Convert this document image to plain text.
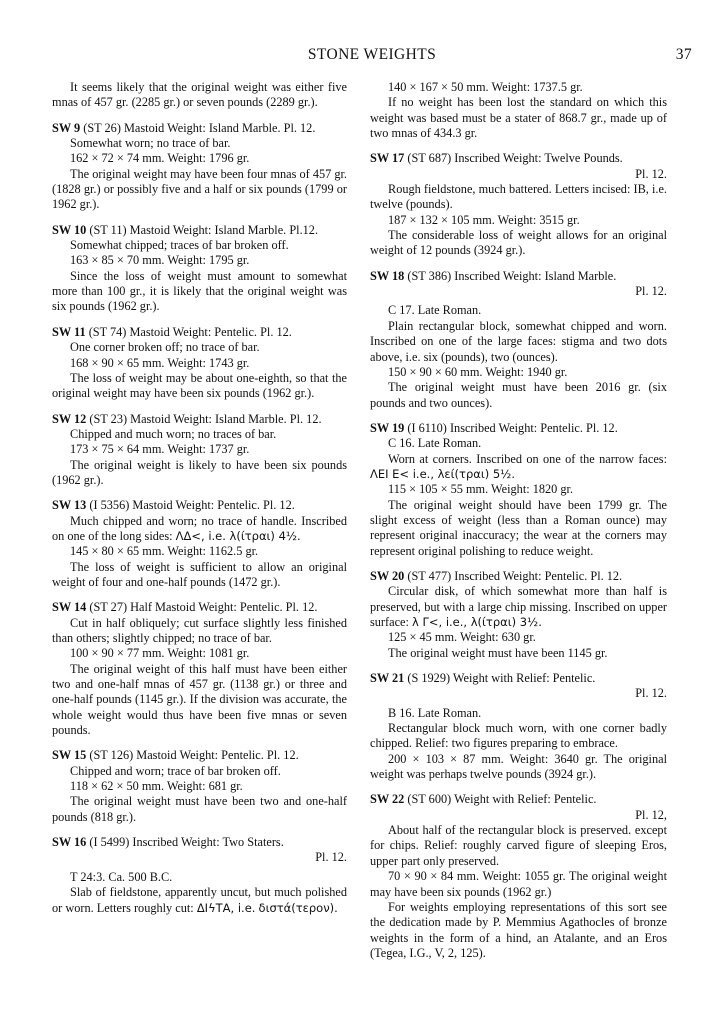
STONE WEIGHTS	37

It seems likely that the original weight was either five mnas of 457 gr. (2285 gr.) or seven pounds (2289 gr.).

SW 9 (ST 26) Mastoid Weight: Island Marble. Pl. 12.

Somewhat worn; no trace of bar.

162 × 72 × 74 mm. Weight: 1796 gr.

The original weight may have been four mnas of 457 gr. (1828 gr.) or possibly five and a half or six pounds (1799 or 1962 gr.).

SW 10 (ST 11) Mastoid Weight: Island Marble. Pl.12.

Somewhat chipped; traces of bar broken off.

163 × 85 × 70 mm. Weight: 1795 gr.

Since the loss of weight must amount to somewhat more than 100 gr., it is likely that the original weight was six pounds (1962 gr.).

SW 11 (ST 74) Mastoid Weight: Pentelic. Pl. 12.

One corner broken off; no trace of bar.

168 × 90 × 65 mm. Weight: 1743 gr.

The loss of weight may be about one-eighth, so that the original weight may have been six pounds (1962 gr.).

SW 12 (ST 23) Mastoid Weight: Island Marble. Pl. 12.

Chipped and much worn; no traces of bar.

173 × 75 × 64 mm. Weight: 1737 gr.

The original weight is likely to have been six pounds (1962 gr.).

SW 13 (I 5356) Mastoid Weight: Pentelic. Pl. 12.

Much chipped and worn; no trace of handle. Inscribed on one of the long sides: ΛΔ<, i.e. λ(ίτραι) 4½.

145 × 80 × 65 mm. Weight: 1162.5 gr.

The loss of weight is sufficient to allow an original weight of four and one-half pounds (1472 gr.).

SW 14 (ST 27) Half Mastoid Weight: Pentelic. Pl. 12.

Cut in half obliquely; cut surface slightly less finished than others; slightly chipped; no trace of bar.

100 × 90 × 77 mm. Weight: 1081 gr.

The original weight of this half must have been either two and one-half mnas of 457 gr. (1138 gr.) or three and one-half pounds (1145 gr.). If the division was accurate, the whole weight would thus have been five mnas or seven pounds.

SW 15 (ST 126) Mastoid Weight: Pentelic. Pl. 12.

Chipped and worn; trace of bar broken off.

118 × 62 × 50 mm. Weight: 681 gr.

The original weight must have been two and one-half pounds (818 gr.).

SW 16 (I 5499) Inscribed Weight: Two Staters.

Pl. 12.

T 24:3. Ca. 500 B.C.

Slab of fieldstone, apparently uncut, but much polished or worn. Letters roughly cut: ΔΙϟΤΑ, i.e. διστά(τερον).

140 × 167 × 50 mm. Weight: 1737.5 gr.

If no weight has been lost the standard on which this weight was based must be a stater of 868.7 gr., made up of two mnas of 434.3 gr.

SW 17 (ST 687) Inscribed Weight: Twelve Pounds.

Pl. 12.

Rough fieldstone, much battered. Letters incised: ΙΒ, i.e. twelve (pounds).

187 × 132 × 105 mm. Weight: 3515 gr.

The considerable loss of weight allows for an original weight of 12 pounds (3924 gr.).

SW 18 (ST 386) Inscribed Weight: Island Marble.

Pl. 12.

C 17. Late Roman.

Plain rectangular block, somewhat chipped and worn. Inscribed on one of the large faces: stigma and two dots above, i.e. six (pounds), two (ounces).

150 × 90 × 60 mm. Weight: 1940 gr.

The original weight must have been 2016 gr. (six pounds and two ounces).

SW 19 (I 6110) Inscribed Weight: Pentelic. Pl. 12.

C 16. Late Roman.

Worn at corners. Inscribed on one of the narrow faces: ΛΕΙ Ε< i.e., λεί(τραι) 5½.

115 × 105 × 55 mm. Weight: 1820 gr.

The original weight should have been 1799 gr. The slight excess of weight (less than a Roman ounce) may represent original inaccuracy; the wear at the corners may represent original polishing to reduce weight.

SW 20 (ST 477) Inscribed Weight: Pentelic. Pl. 12.

Circular disk, of which somewhat more than half is preserved, but with a large chip missing. Inscribed on upper surface: λ Γ<, i.e., λ(ίτραι) 3½.

125 × 45 mm. Weight: 630 gr.

The original weight must have been 1145 gr.

SW 21 (S 1929) Weight with Relief: Pentelic.

Pl. 12.

B 16. Late Roman.

Rectangular block much worn, with one corner badly chipped. Relief: two figures preparing to embrace.

200 × 103 × 87 mm. Weight: 3640 gr. The original weight was perhaps twelve pounds (3924 gr.).

SW 22 (ST 600) Weight with Relief: Pentelic.

Pl. 12,

About half of the rectangular block is preserved. except for chips. Relief: roughly carved figure of sleeping Eros, upper part only preserved.

70 × 90 × 84 mm. Weight: 1055 gr. The original weight may have been six pounds (1962 gr.)

For weights employing representations of this sort see the dedication made by P. Memmius Agathocles of bronze weights in the form of a hind, an Atalante, and an Eros (Tegea, I.G., V, 2, 125).
